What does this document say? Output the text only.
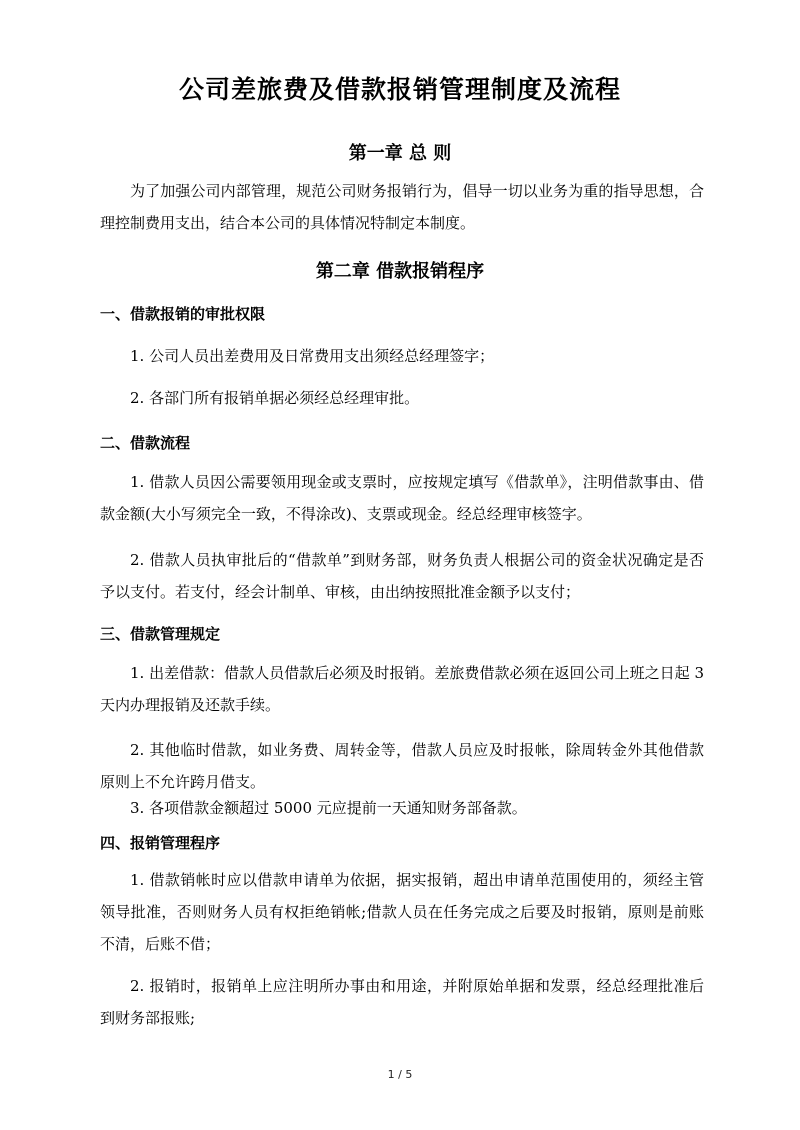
公司差旅费及借款报销管理制度及流程
第一章 总 则
为了加强公司内部管理，规范公司财务报销行为，倡导一切以业务为重的指导思想，合理控制费用支出，结合本公司的具体情况特制定本制度。
第二章 借款报销程序
一、借款报销的审批权限
1. 公司人员出差费用及日常费用支出须经总经理签字；
2. 各部门所有报销单据必须经总经理审批。
二、借款流程
1. 借款人员因公需要领用现金或支票时，应按规定填写《借款单》，注明借款事由、借款金额(大小写须完全一致，不得涂改)、支票或现金。经总经理审核签字。
2. 借款人员执审批后的“借款单”到财务部，财务负责人根据公司的资金状况确定是否予以支付。若支付，经会计制单、审核，由出纳按照批准金额予以支付；
三、借款管理规定
1. 出差借款：借款人员借款后必须及时报销。差旅费借款必须在返回公司上班之日起 3天内办理报销及还款手续。
2. 其他临时借款，如业务费、周转金等，借款人员应及时报帐，除周转金外其他借款原则上不允许跨月借支。
3. 各项借款金额超过 5000 元应提前一天通知财务部备款。
四、报销管理程序
1. 借款销帐时应以借款申请单为依据，据实报销，超出申请单范围使用的，须经主管领导批准，否则财务人员有权拒绝销帐;借款人员在任务完成之后要及时报销，原则是前账不清，后账不借；
2. 报销时，报销单上应注明所办事由和用途，并附原始单据和发票，经总经理批准后到财务部报账;
1 / 5
